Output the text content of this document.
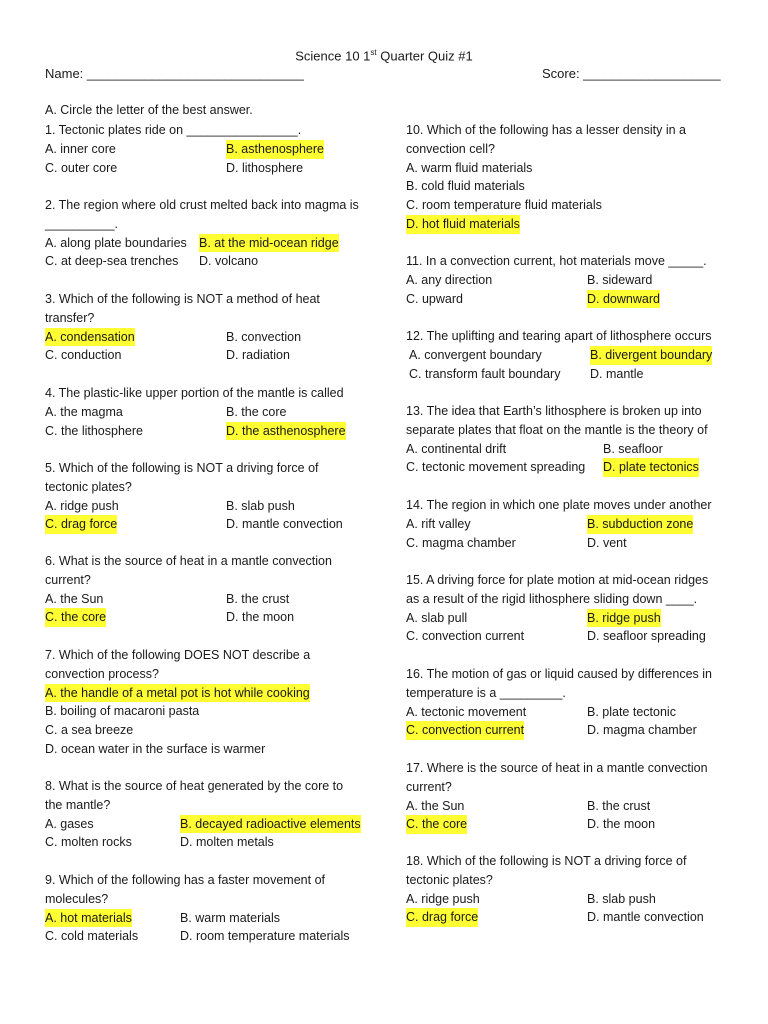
Science 10 1st Quarter Quiz #1
Name: ______________________________	Score: ___________________
A. Circle the letter of the best answer.
1. Tectonic plates ride on ________________.
A. inner core	B. asthenosphere
C. outer core	D. lithosphere
2. The region where old crust melted back into magma is __________.
A. along plate boundaries B. at the mid-ocean ridge
C. at deep-sea trenches D. volcano
3. Which of the following is NOT a method of heat transfer?
A. condensation	B. convection
C. conduction	D. radiation
4. The plastic-like upper portion of the mantle is called
A. the magma	B. the core
C. the lithosphere	D. the asthenosphere
5. Which of the following is NOT a driving force of tectonic plates?
A. ridge push	B. slab push
C. drag force	D. mantle convection
6. What is the source of heat in a mantle convection current?
A. the Sun	B. the crust
C. the core	D. the moon
7. Which of the following DOES NOT describe a convection process?
A. the handle of a metal pot is hot while cooking
B. boiling of macaroni pasta
C. a sea breeze
D. ocean water in the surface is warmer
8. What is the source of heat generated by the core to the mantle?
A. gases	B. decayed radioactive elements
C. molten rocks	D. molten metals
9. Which of the following has a faster movement of molecules?
A. hot materials	B. warm materials
C. cold materials	D. room temperature materials
10. Which of the following has a lesser density in a convection cell?
A. warm fluid materials
B. cold fluid materials
C. room temperature fluid materials
D. hot fluid materials
11. In a convection current, hot materials move _____.
A. any direction	B. sideward
C. upward	D. downward
12. The uplifting and tearing apart of lithosphere occurs
A. convergent boundary	B. divergent boundary
C. transform fault boundary D. mantle
13. The idea that Earth’s lithosphere is broken up into separate plates that float on the mantle is the theory of
A. continental drift	B. seafloor
C. tectonic movement spreading D. plate tectonics
14. The region in which one plate moves under another
A. rift valley	B. subduction zone
C. magma chamber	D. vent
15. A driving force for plate motion at mid-ocean ridges as a result of the rigid lithosphere sliding down ____.
A. slab pull	B. ridge push
C. convection current	D. seafloor spreading
16. The motion of gas or liquid caused by differences in temperature is a _________.
A. tectonic movement	B. plate tectonic
C. convection current	D. magma chamber
17. Where is the source of heat in a mantle convection current?
A. the Sun	B. the crust
C. the core	D. the moon
18. Which of the following is NOT a driving force of tectonic plates?
A. ridge push	B. slab push
C. drag force	D. mantle convection
